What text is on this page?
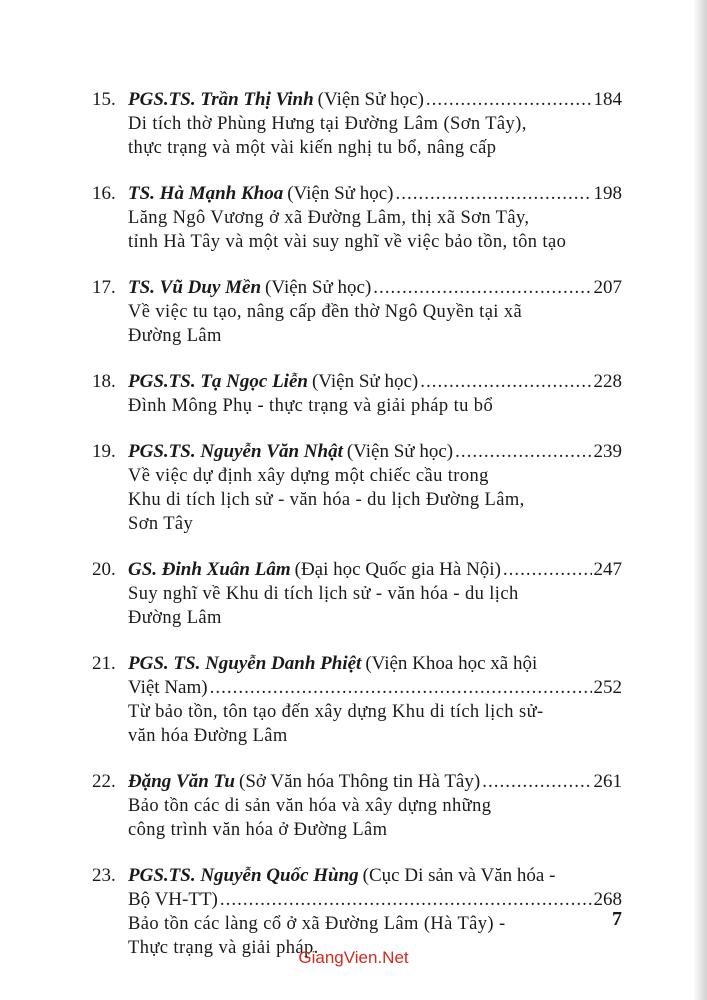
15. PGS.TS. Trần Thị Vinh (Viện Sử học) .....	184
Di tích thờ Phùng Hưng tại Đường Lâm (Sơn Tây),
thực trạng và một vài kiến nghị tu bổ, nâng cấp
16. TS. Hà Mạnh Khoa (Viện Sử học) .....	198
Lăng Ngô Vương ở xã Đường Lâm, thị xã Sơn Tây,
tỉnh Hà Tây và một vài suy nghĩ về việc bảo tồn, tôn tạo
17. TS. Vũ Duy Mền (Viện Sử học) .....	207
Về việc tu tạo, nâng cấp đền thờ Ngô Quyền tại xã
Đường Lâm
18. PGS.TS. Tạ Ngọc Liễn (Viện Sử học) .....	228
Đình Mông Phụ - thực trạng và giải pháp tu bổ
19. PGS.TS. Nguyễn Văn Nhật (Viện Sử học) .....	239
Về việc dự định xây dựng một chiếc cầu trong
Khu di tích lịch sử - văn hóa - du lịch Đường Lâm,
Sơn Tây
20. GS. Đinh Xuân Lâm (Đại học Quốc gia Hà Nội) .....	247
Suy nghĩ về Khu di tích lịch sử - văn hóa - du lịch
Đường Lâm
21. PGS. TS. Nguyễn Danh Phiệt (Viện Khoa học xã hội
Việt Nam) .....	252
Từ bảo tồn, tôn tạo đến xây dựng Khu di tích lịch sử-
văn hóa Đường Lâm
22. Đặng Văn Tu (Sở Văn hóa Thông tin Hà Tây) .....	261
Bảo tồn các di sản văn hóa và xây dựng những
công trình văn hóa ở Đường Lâm
23. PGS.TS. Nguyễn Quốc Hùng (Cục Di sản và Văn hóa -
Bộ VH-TT) .....	268
Bảo tồn các làng cổ ở xã Đường Lâm (Hà Tây) -
Thực trạng và giải pháp.
7
GiangVien.Net
